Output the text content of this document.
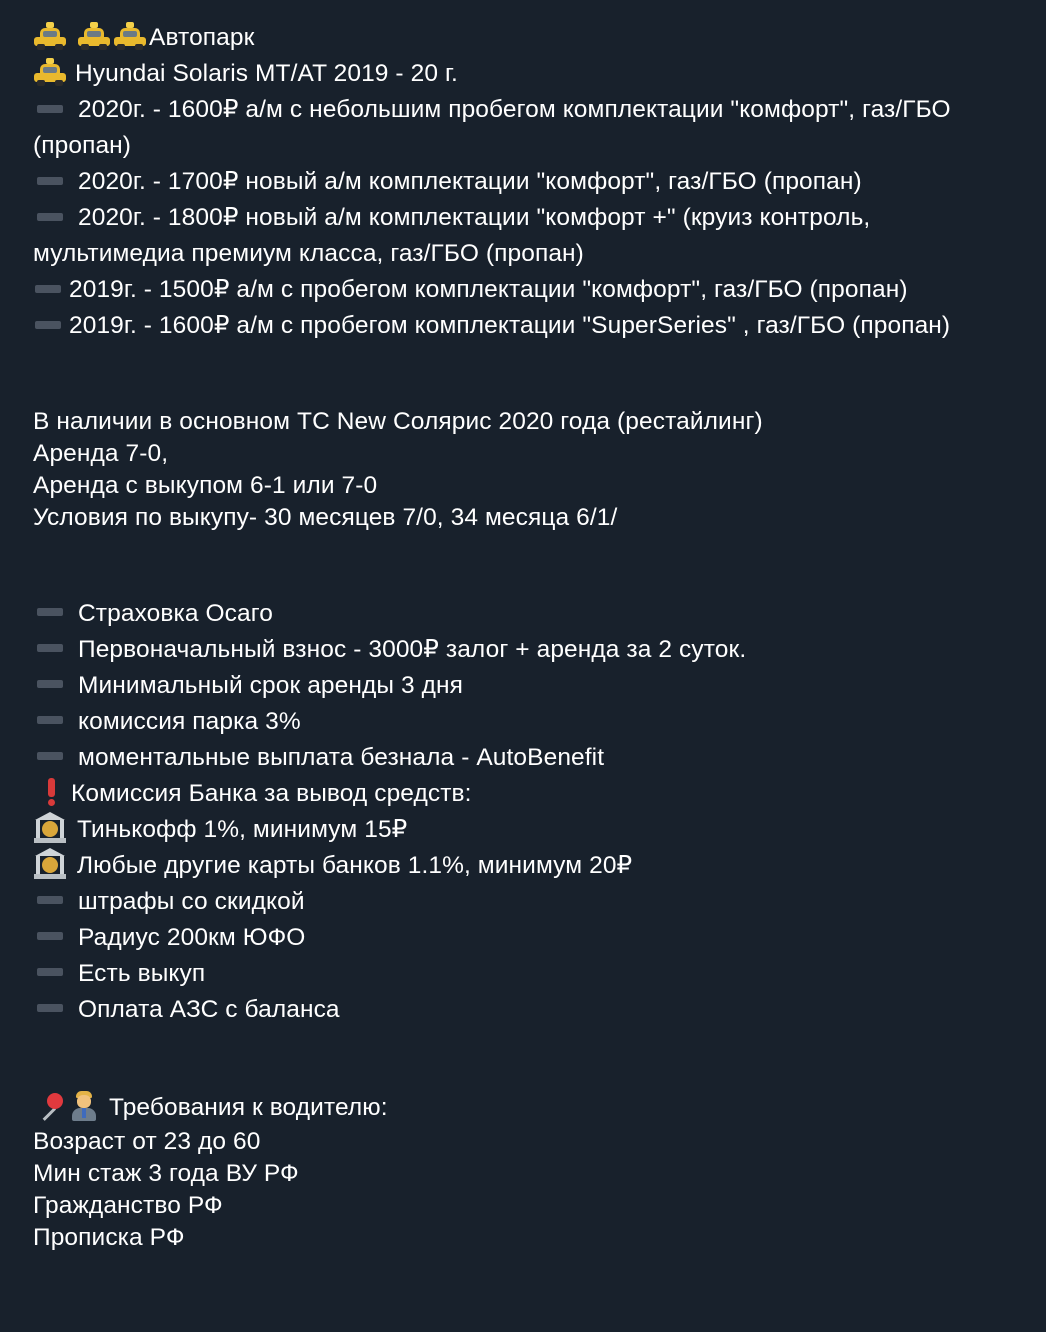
Автопарк
Hyundai Solaris MT/AT 2019 - 20 г.
2020г. - 1600₽ а/м с небольшим пробегом комплектации "комфорт", газ/ГБО (пропан)
2020г. - 1700₽ новый а/м комплектации "комфорт", газ/ГБО (пропан)
2020г. - 1800₽ новый а/м комплектации "комфорт +" (круиз контроль, мультимедиа премиум класса, газ/ГБО (пропан)
2019г. - 1500₽ а/м с пробегом комплектации "комфорт", газ/ГБО (пропан)
2019г. - 1600₽ а/м с пробегом комплектации "SuperSeries" , газ/ГБО (пропан)
В наличии в основном ТС New Солярис 2020 года (рестайлинг)
Аренда 7-0,
Аренда с выкупом 6-1 или 7-0
Условия по выкупу- 30 месяцев 7/0, 34 месяца 6/1/
Страховка Осаго
Первоначальный взнос - 3000₽ залог + аренда за 2 суток.
Минимальный срок аренды 3 дня
комиссия парка 3%
моментальные выплата безнала - AutoBenefit
Комиссия Банка за вывод средств:
Тинькофф 1%, минимум 15₽
Любые другие карты банков 1.1%, минимум 20₽
штрафы со скидкой
Радиус 200км ЮФО
Есть выкуп
Оплата АЗС с баланса
Требования к водителю:
Возраст от 23 до 60
Мин стаж 3 года ВУ РФ
Гражданство РФ
Прописка РФ
